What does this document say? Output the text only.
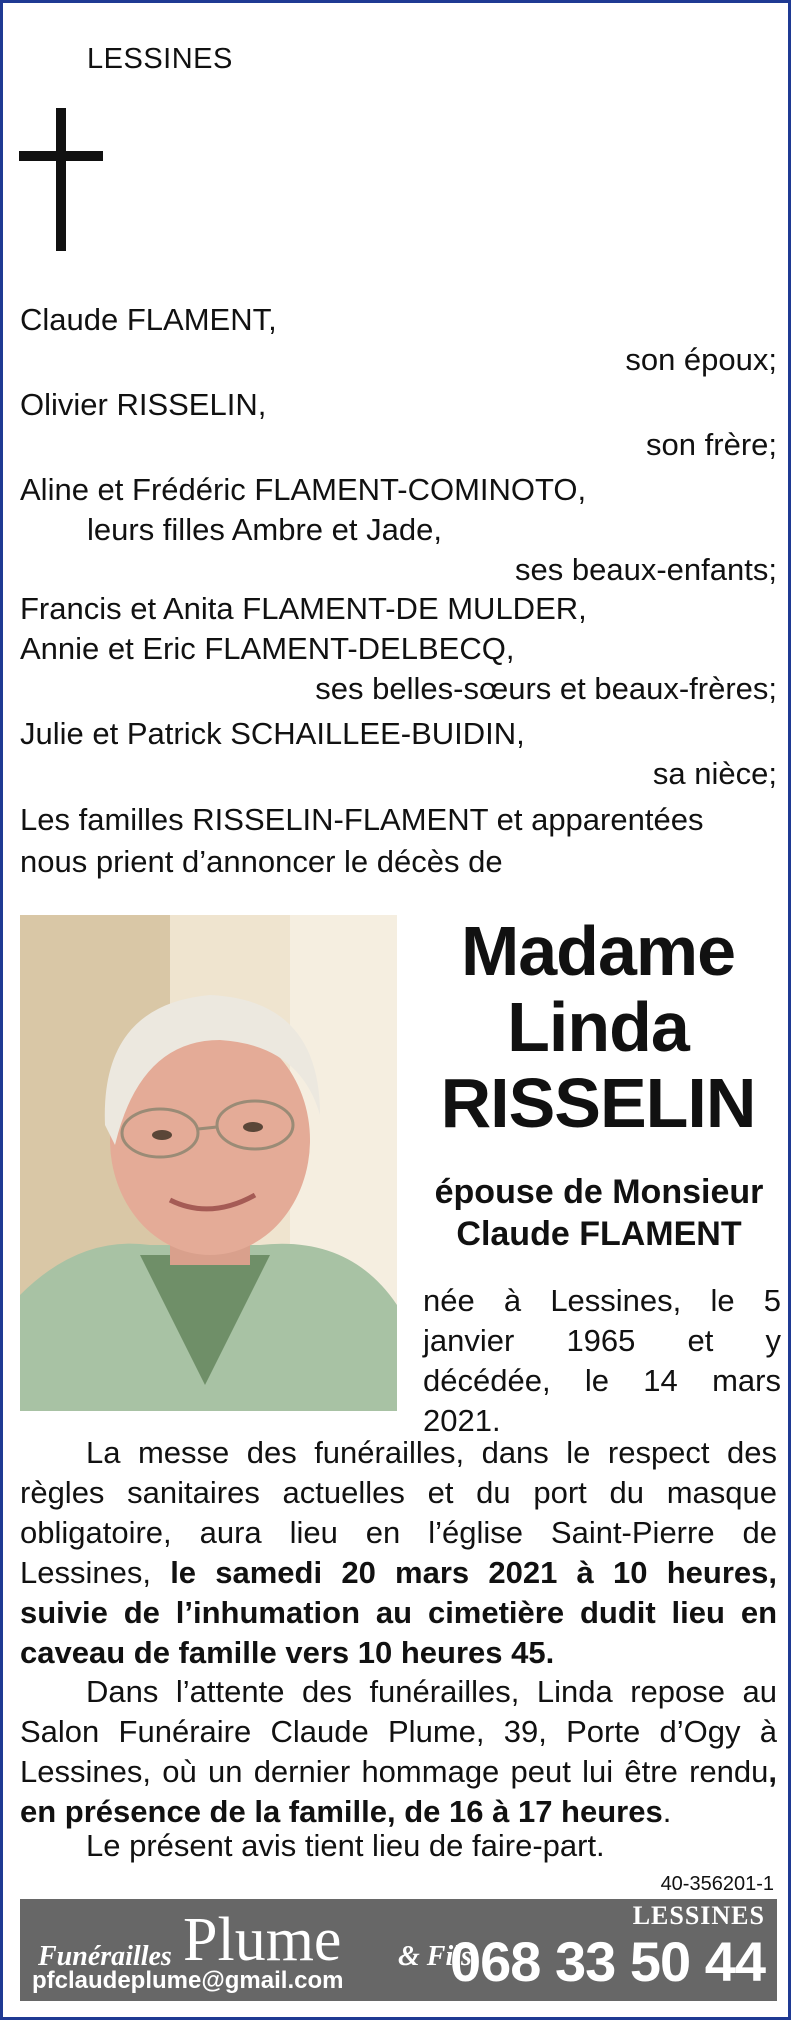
LESSINES
Claude FLAMENT,
son époux;
Olivier RISSELIN,
son frère;
Aline et Frédéric FLAMENT-COMINOTO,
leurs filles Ambre et Jade,
ses beaux-enfants;
Francis et Anita FLAMENT-DE MULDER,
Annie et Eric FLAMENT-DELBECQ,
ses belles-sœurs et beaux-frères;
Julie et Patrick SCHAILLEE-BUIDIN,
sa nièce;
Les familles RISSELIN-FLAMENT et apparentées
nous prient d’annoncer le décès de
Madame
Linda
RISSELIN
épouse de Monsieur
Claude FLAMENT
née à Lessines, le 5 janvier 1965 et y décédée, le 14 mars 2021.
La messe des funérailles, dans le respect des règles sanitaires actuelles et du port du masque obligatoire, aura lieu en l’église Saint-Pierre de Lessines, le samedi 20 mars 2021 à 10 heures, suivie de l’inhumation au cimetière dudit lieu en caveau de famille vers 10 heures 45.
Dans l’attente des funérailles, Linda repose au Salon Funéraire Claude Plume, 39, Porte d’Ogy à Lessines, où un dernier hommage peut lui être rendu, en présence de la famille, de 16 à 17 heures.
Le présent avis tient lieu de faire-part.
40-356201-1
Funérailles Plume & Fils
pfclaudeplume@gmail.com
LESSINES
068 33 50 44
